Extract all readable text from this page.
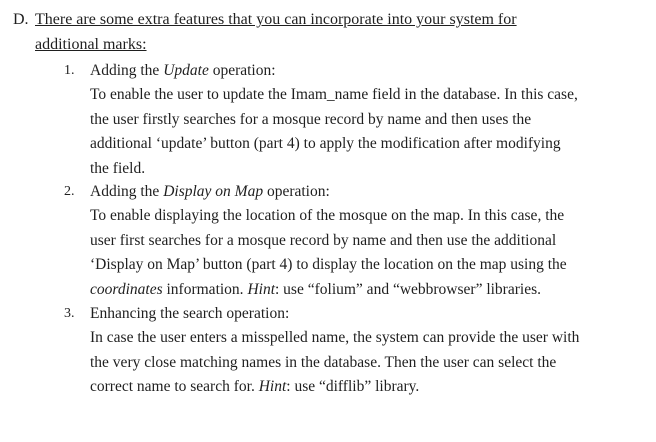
D. There are some extra features that you can incorporate into your system for
additional marks:
1. Adding the Update operation:
To enable the user to update the Imam_name field in the database. In this case,
the user firstly searches for a mosque record by name and then uses the
additional ‘update’ button (part 4) to apply the modification after modifying
the field.
2. Adding the Display on Map operation:
To enable displaying the location of the mosque on the map. In this case, the
user first searches for a mosque record by name and then use the additional
‘Display on Map’ button (part 4) to display the location on the map using the
coordinates information. Hint: use “folium” and “webbrowser” libraries.
3. Enhancing the search operation:
In case the user enters a misspelled name, the system can provide the user with
the very close matching names in the database. Then the user can select the
correct name to search for. Hint: use “difflib” library.
